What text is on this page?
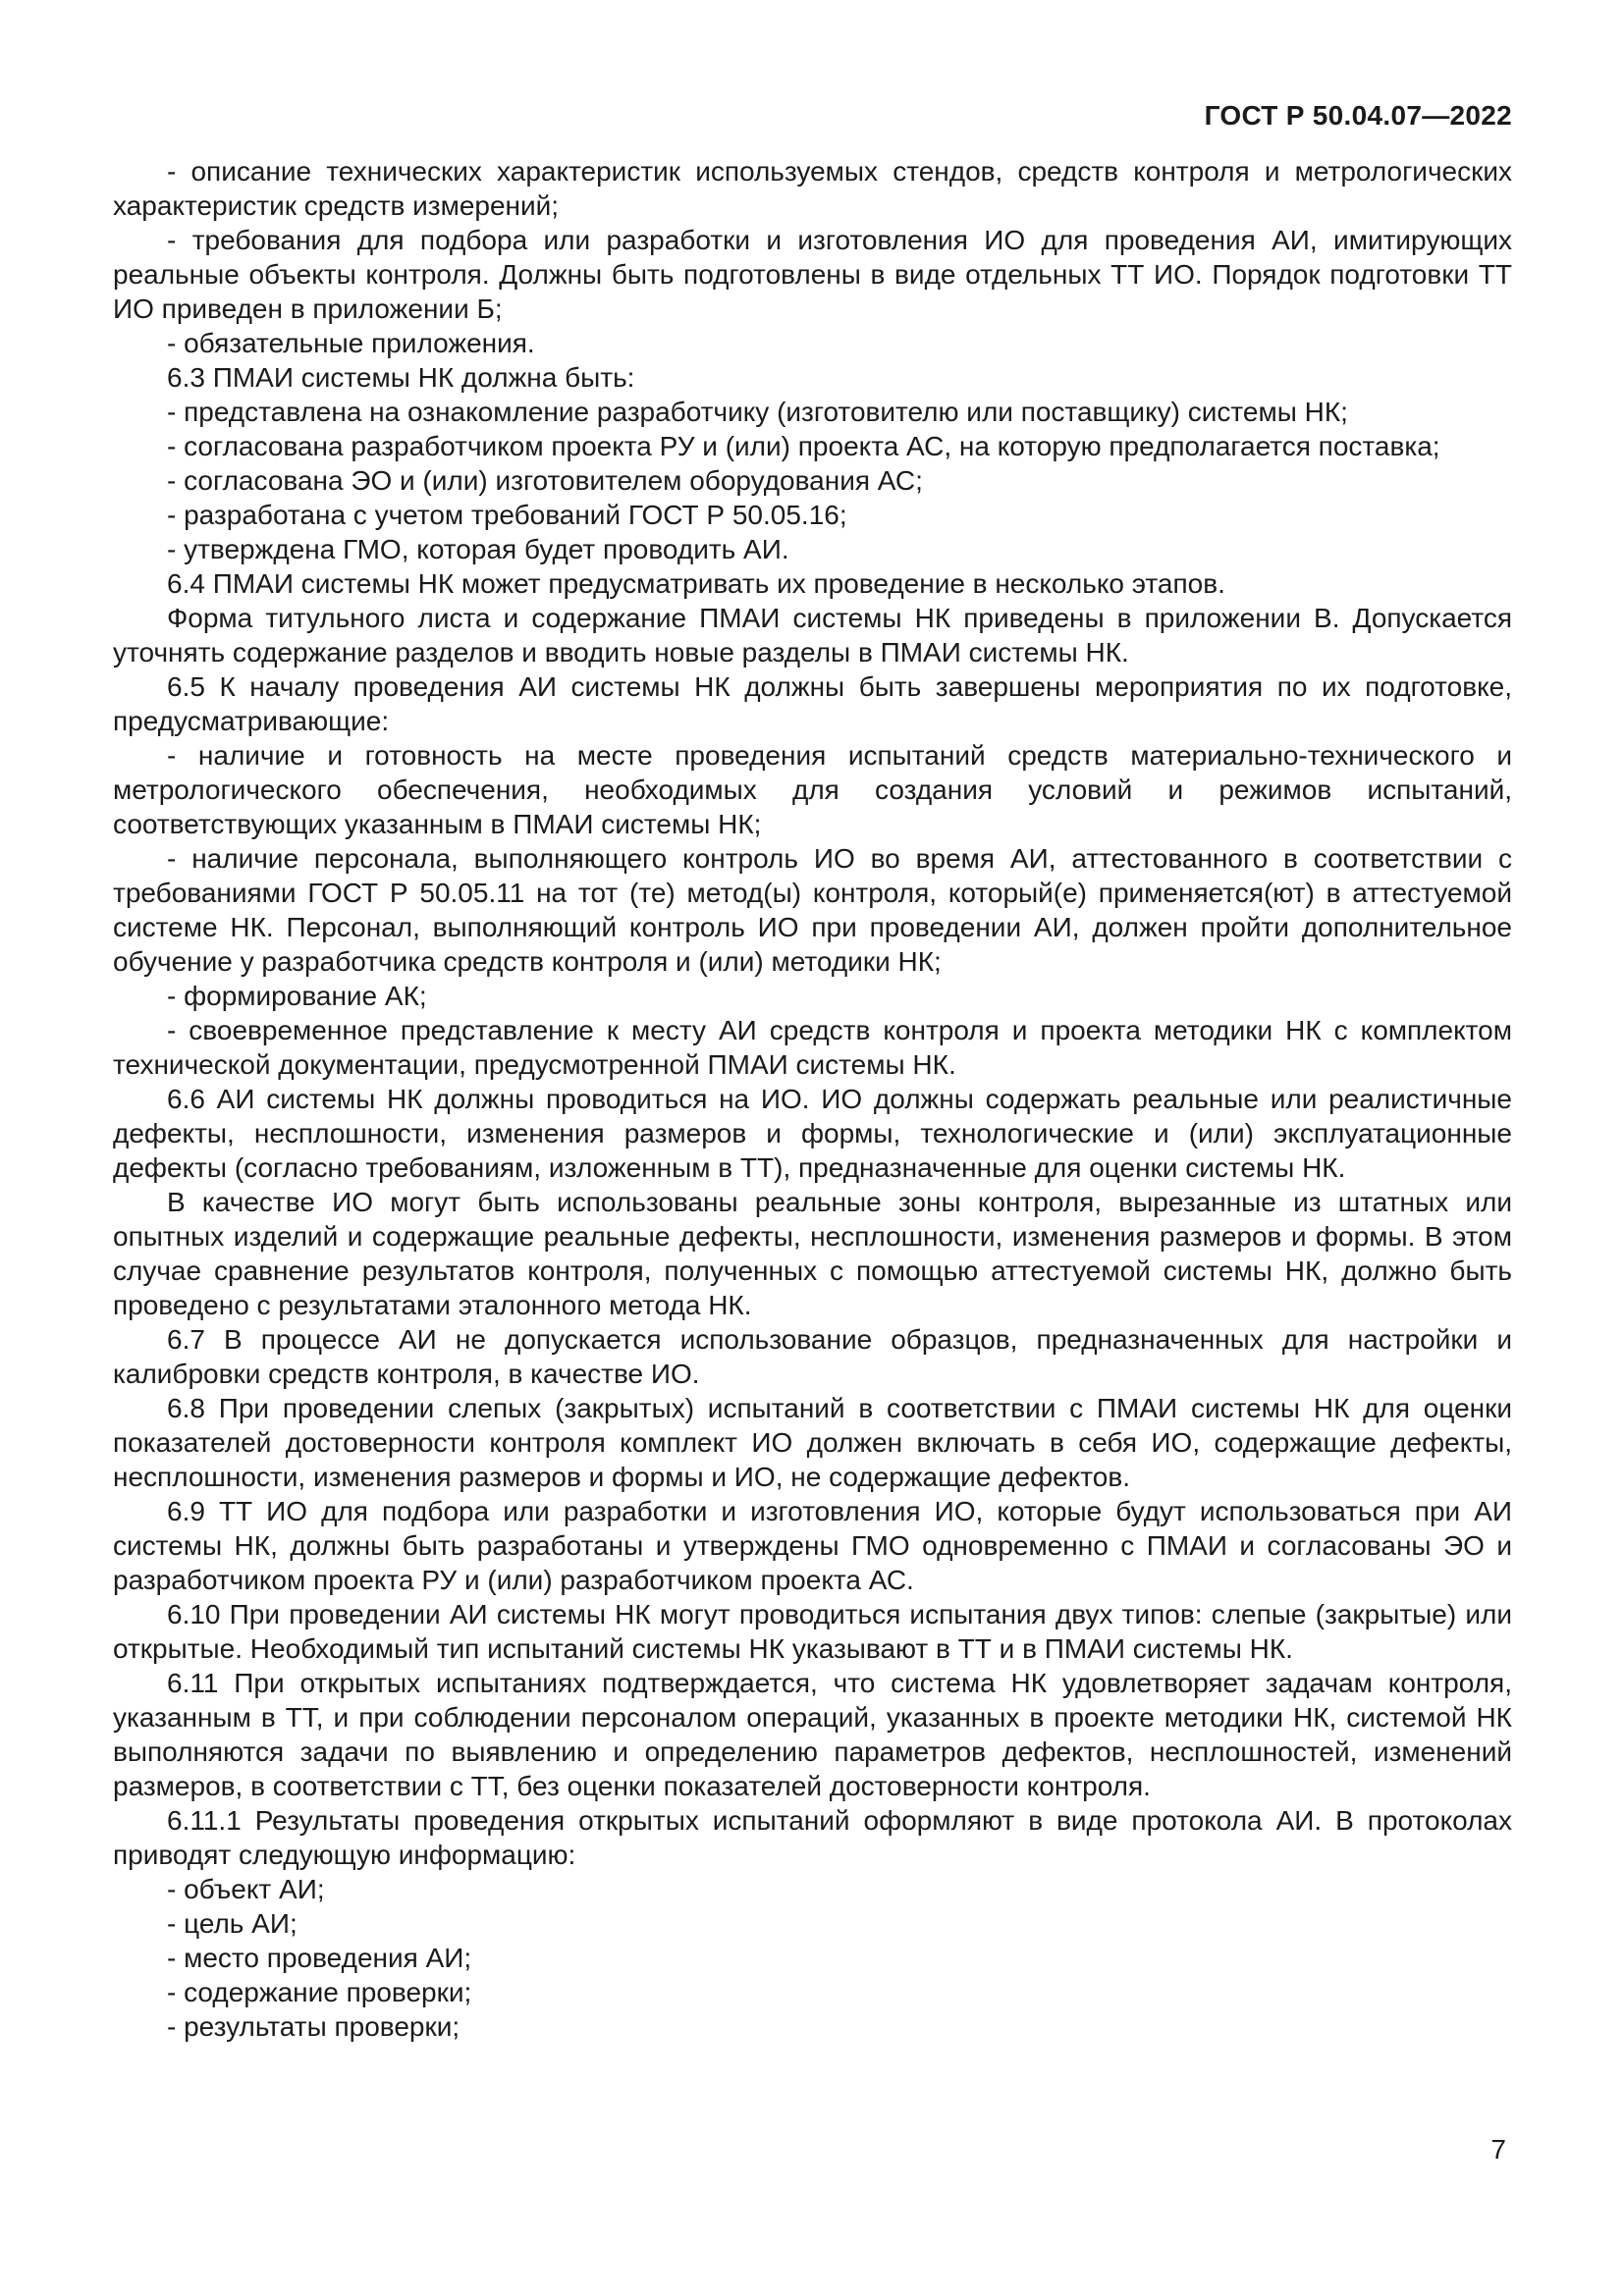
ГОСТ Р 50.04.07—2022

- описание технических характеристик используемых стендов, средств контроля и метрологических характеристик средств измерений;

- требования для подбора или разработки и изготовления ИО для проведения АИ, имитирующих реальные объекты контроля. Должны быть подготовлены в виде отдельных ТТ ИО. Порядок подготовки ТТ ИО приведен в приложении Б;

- обязательные приложения.

6.3 ПМАИ системы НК должна быть:

- представлена на ознакомление разработчику (изготовителю или поставщику) системы НК;

- согласована разработчиком проекта РУ и (или) проекта АС, на которую предполагается поставка;

- согласована ЭО и (или) изготовителем оборудования АС;

- разработана с учетом требований ГОСТ Р 50.05.16;

- утверждена ГМО, которая будет проводить АИ.

6.4 ПМАИ системы НК может предусматривать их проведение в несколько этапов.

Форма титульного листа и содержание ПМАИ системы НК приведены в приложении В. Допускается уточнять содержание разделов и вводить новые разделы в ПМАИ системы НК.

6.5 К началу проведения АИ системы НК должны быть завершены мероприятия по их подготовке, предусматривающие:

- наличие и готовность на месте проведения испытаний средств материально-технического и метрологического обеспечения, необходимых для создания условий и режимов испытаний, соответствующих указанным в ПМАИ системы НК;

- наличие персонала, выполняющего контроль ИО во время АИ, аттестованного в соответствии с требованиями ГОСТ Р 50.05.11 на тот (те) метод(ы) контроля, который(е) применяется(ют) в аттестуемой системе НК. Персонал, выполняющий контроль ИО при проведении АИ, должен пройти дополнительное обучение у разработчика средств контроля и (или) методики НК;

- формирование АК;

- своевременное представление к месту АИ средств контроля и проекта методики НК с комплектом технической документации, предусмотренной ПМАИ системы НК.

6.6 АИ системы НК должны проводиться на ИО. ИО должны содержать реальные или реалистичные дефекты, несплошности, изменения размеров и формы, технологические и (или) эксплуатационные дефекты (согласно требованиям, изложенным в ТТ), предназначенные для оценки системы НК.

В качестве ИО могут быть использованы реальные зоны контроля, вырезанные из штатных или опытных изделий и содержащие реальные дефекты, несплошности, изменения размеров и формы. В этом случае сравнение результатов контроля, полученных с помощью аттестуемой системы НК, должно быть проведено с результатами эталонного метода НК.

6.7 В процессе АИ не допускается использование образцов, предназначенных для настройки и калибровки средств контроля, в качестве ИО.

6.8 При проведении слепых (закрытых) испытаний в соответствии с ПМАИ системы НК для оценки показателей достоверности контроля комплект ИО должен включать в себя ИО, содержащие дефекты, несплошности, изменения размеров и формы и ИО, не содержащие дефектов.

6.9 ТТ ИО для подбора или разработки и изготовления ИО, которые будут использоваться при АИ системы НК, должны быть разработаны и утверждены ГМО одновременно с ПМАИ и согласованы ЭО и разработчиком проекта РУ и (или) разработчиком проекта АС.

6.10 При проведении АИ системы НК могут проводиться испытания двух типов: слепые (закрытые) или открытые. Необходимый тип испытаний системы НК указывают в ТТ и в ПМАИ системы НК.

6.11 При открытых испытаниях подтверждается, что система НК удовлетворяет задачам контроля, указанным в ТТ, и при соблюдении персоналом операций, указанных в проекте методики НК, системой НК выполняются задачи по выявлению и определению параметров дефектов, несплошностей, изменений размеров, в соответствии с ТТ, без оценки показателей достоверности контроля.

6.11.1 Результаты проведения открытых испытаний оформляют в виде протокола АИ. В протоколах приводят следующую информацию:

- объект АИ;

- цель АИ;

- место проведения АИ;

- содержание проверки;

- результаты проверки;

7
